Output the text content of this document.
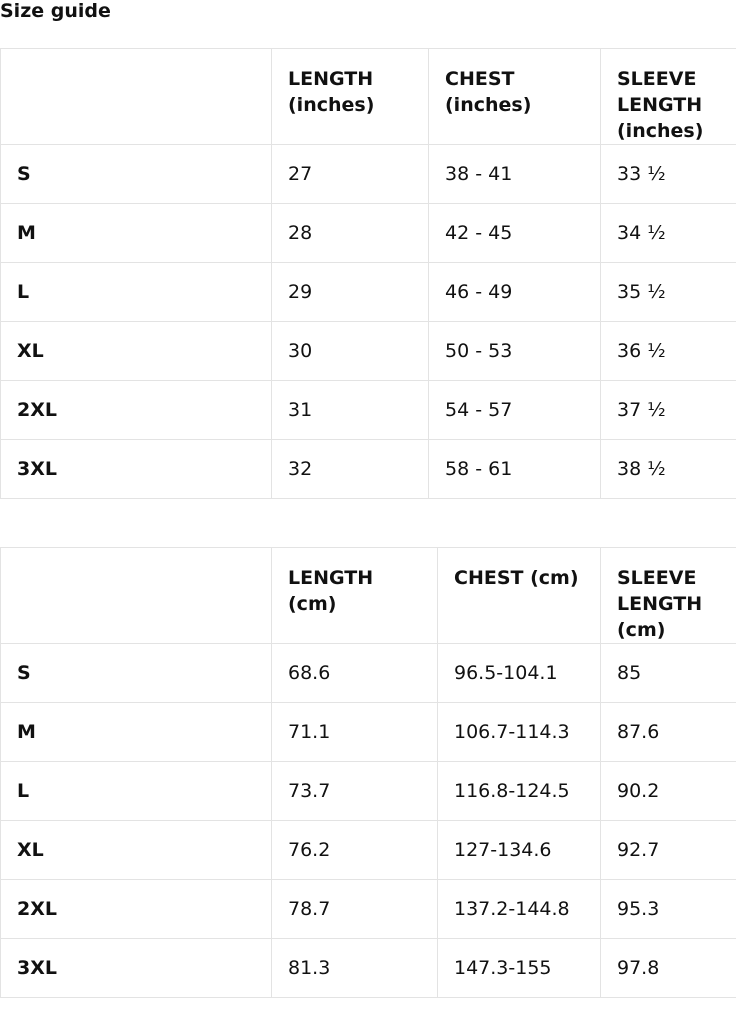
Size guide
	LENGTH (inches)	CHEST (inches)	SLEEVE LENGTH (inches)
S	27	38 - 41	33 ½
M	28	42 - 45	34 ½
L	29	46 - 49	35 ½
XL	30	50 - 53	36 ½
2XL	31	54 - 57	37 ½
3XL	32	58 - 61	38 ½
	LENGTH (cm)	CHEST (cm)	SLEEVE LENGTH (cm)
S	68.6	96.5-104.1	85
M	71.1	106.7-114.3	87.6
L	73.7	116.8-124.5	90.2
XL	76.2	127-134.6	92.7
2XL	78.7	137.2-144.8	95.3
3XL	81.3	147.3-155	97.8
